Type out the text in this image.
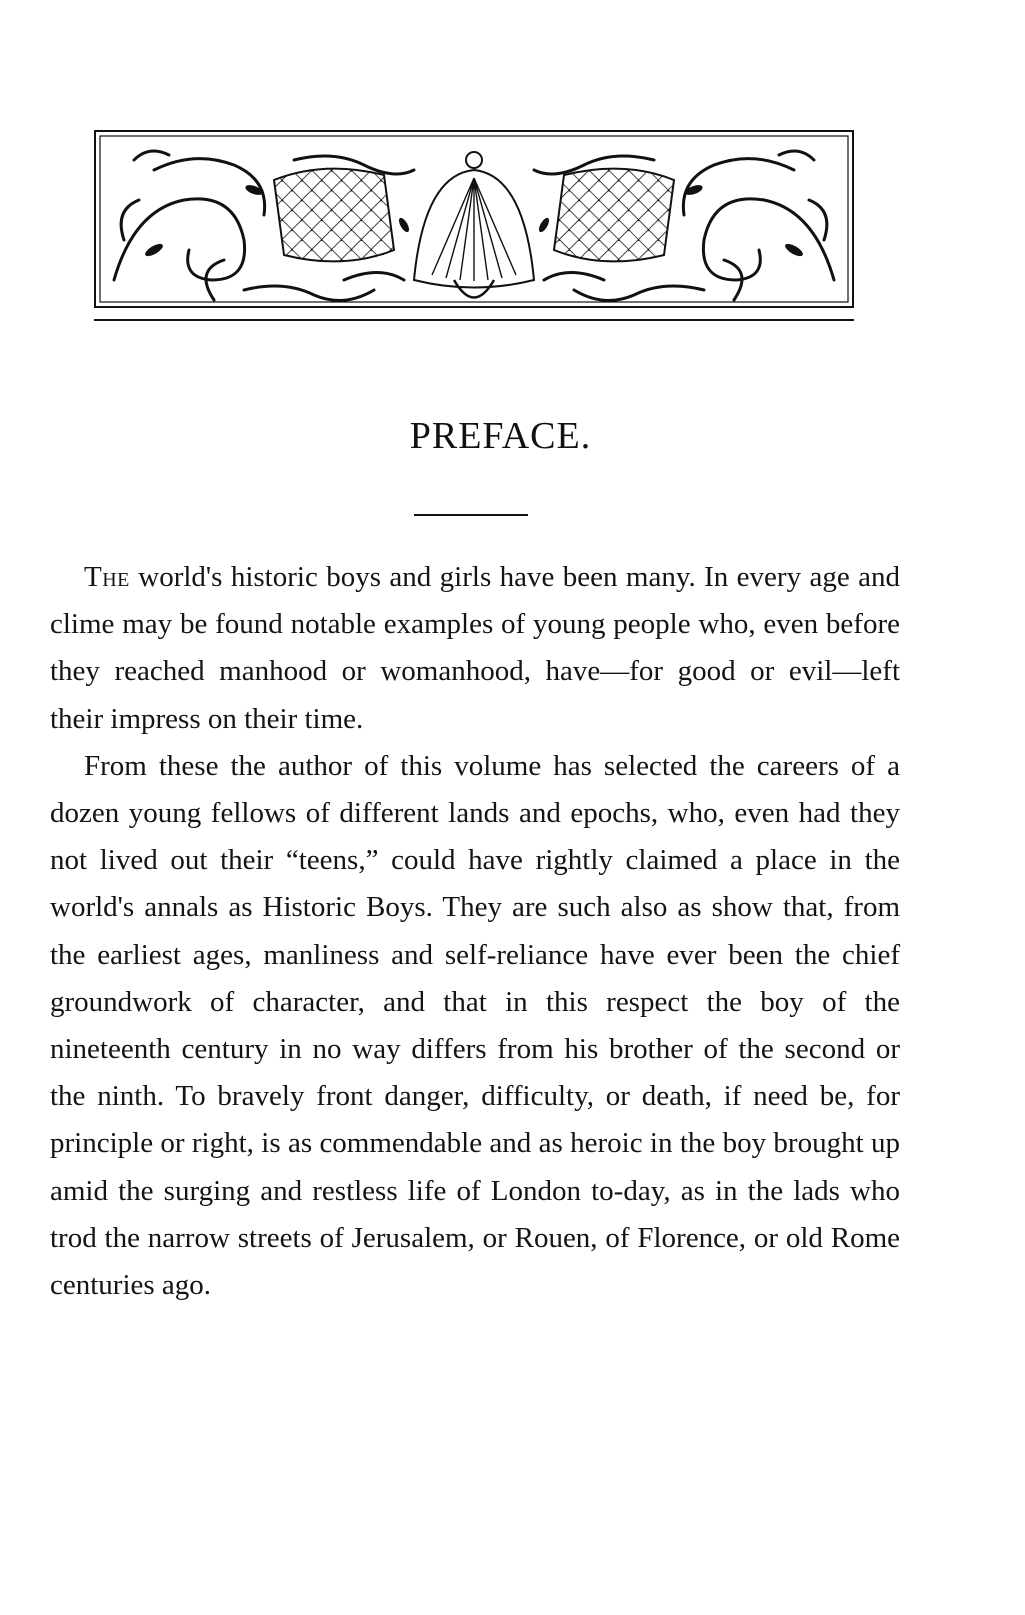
PREFACE.

The world's historic boys and girls have been many. In every age and clime may be found notable examples of young people who, even before they reached manhood or womanhood, have—for good or evil—left their impress on their time.

From these the author of this volume has selected the careers of a dozen young fellows of different lands and epochs, who, even had they not lived out their “teens,” could have rightly claimed a place in the world's annals as Historic Boys. They are such also as show that, from the earliest ages, manliness and self-reliance have ever been the chief groundwork of character, and that in this respect the boy of the nineteenth century in no way differs from his brother of the second or the ninth. To bravely front danger, difficulty, or death, if need be, for principle or right, is as commendable and as heroic in the boy brought up amid the surging and restless life of London to-day, as in the lads who trod the narrow streets of Jerusalem, or Rouen, of Florence, or old Rome centuries ago.
